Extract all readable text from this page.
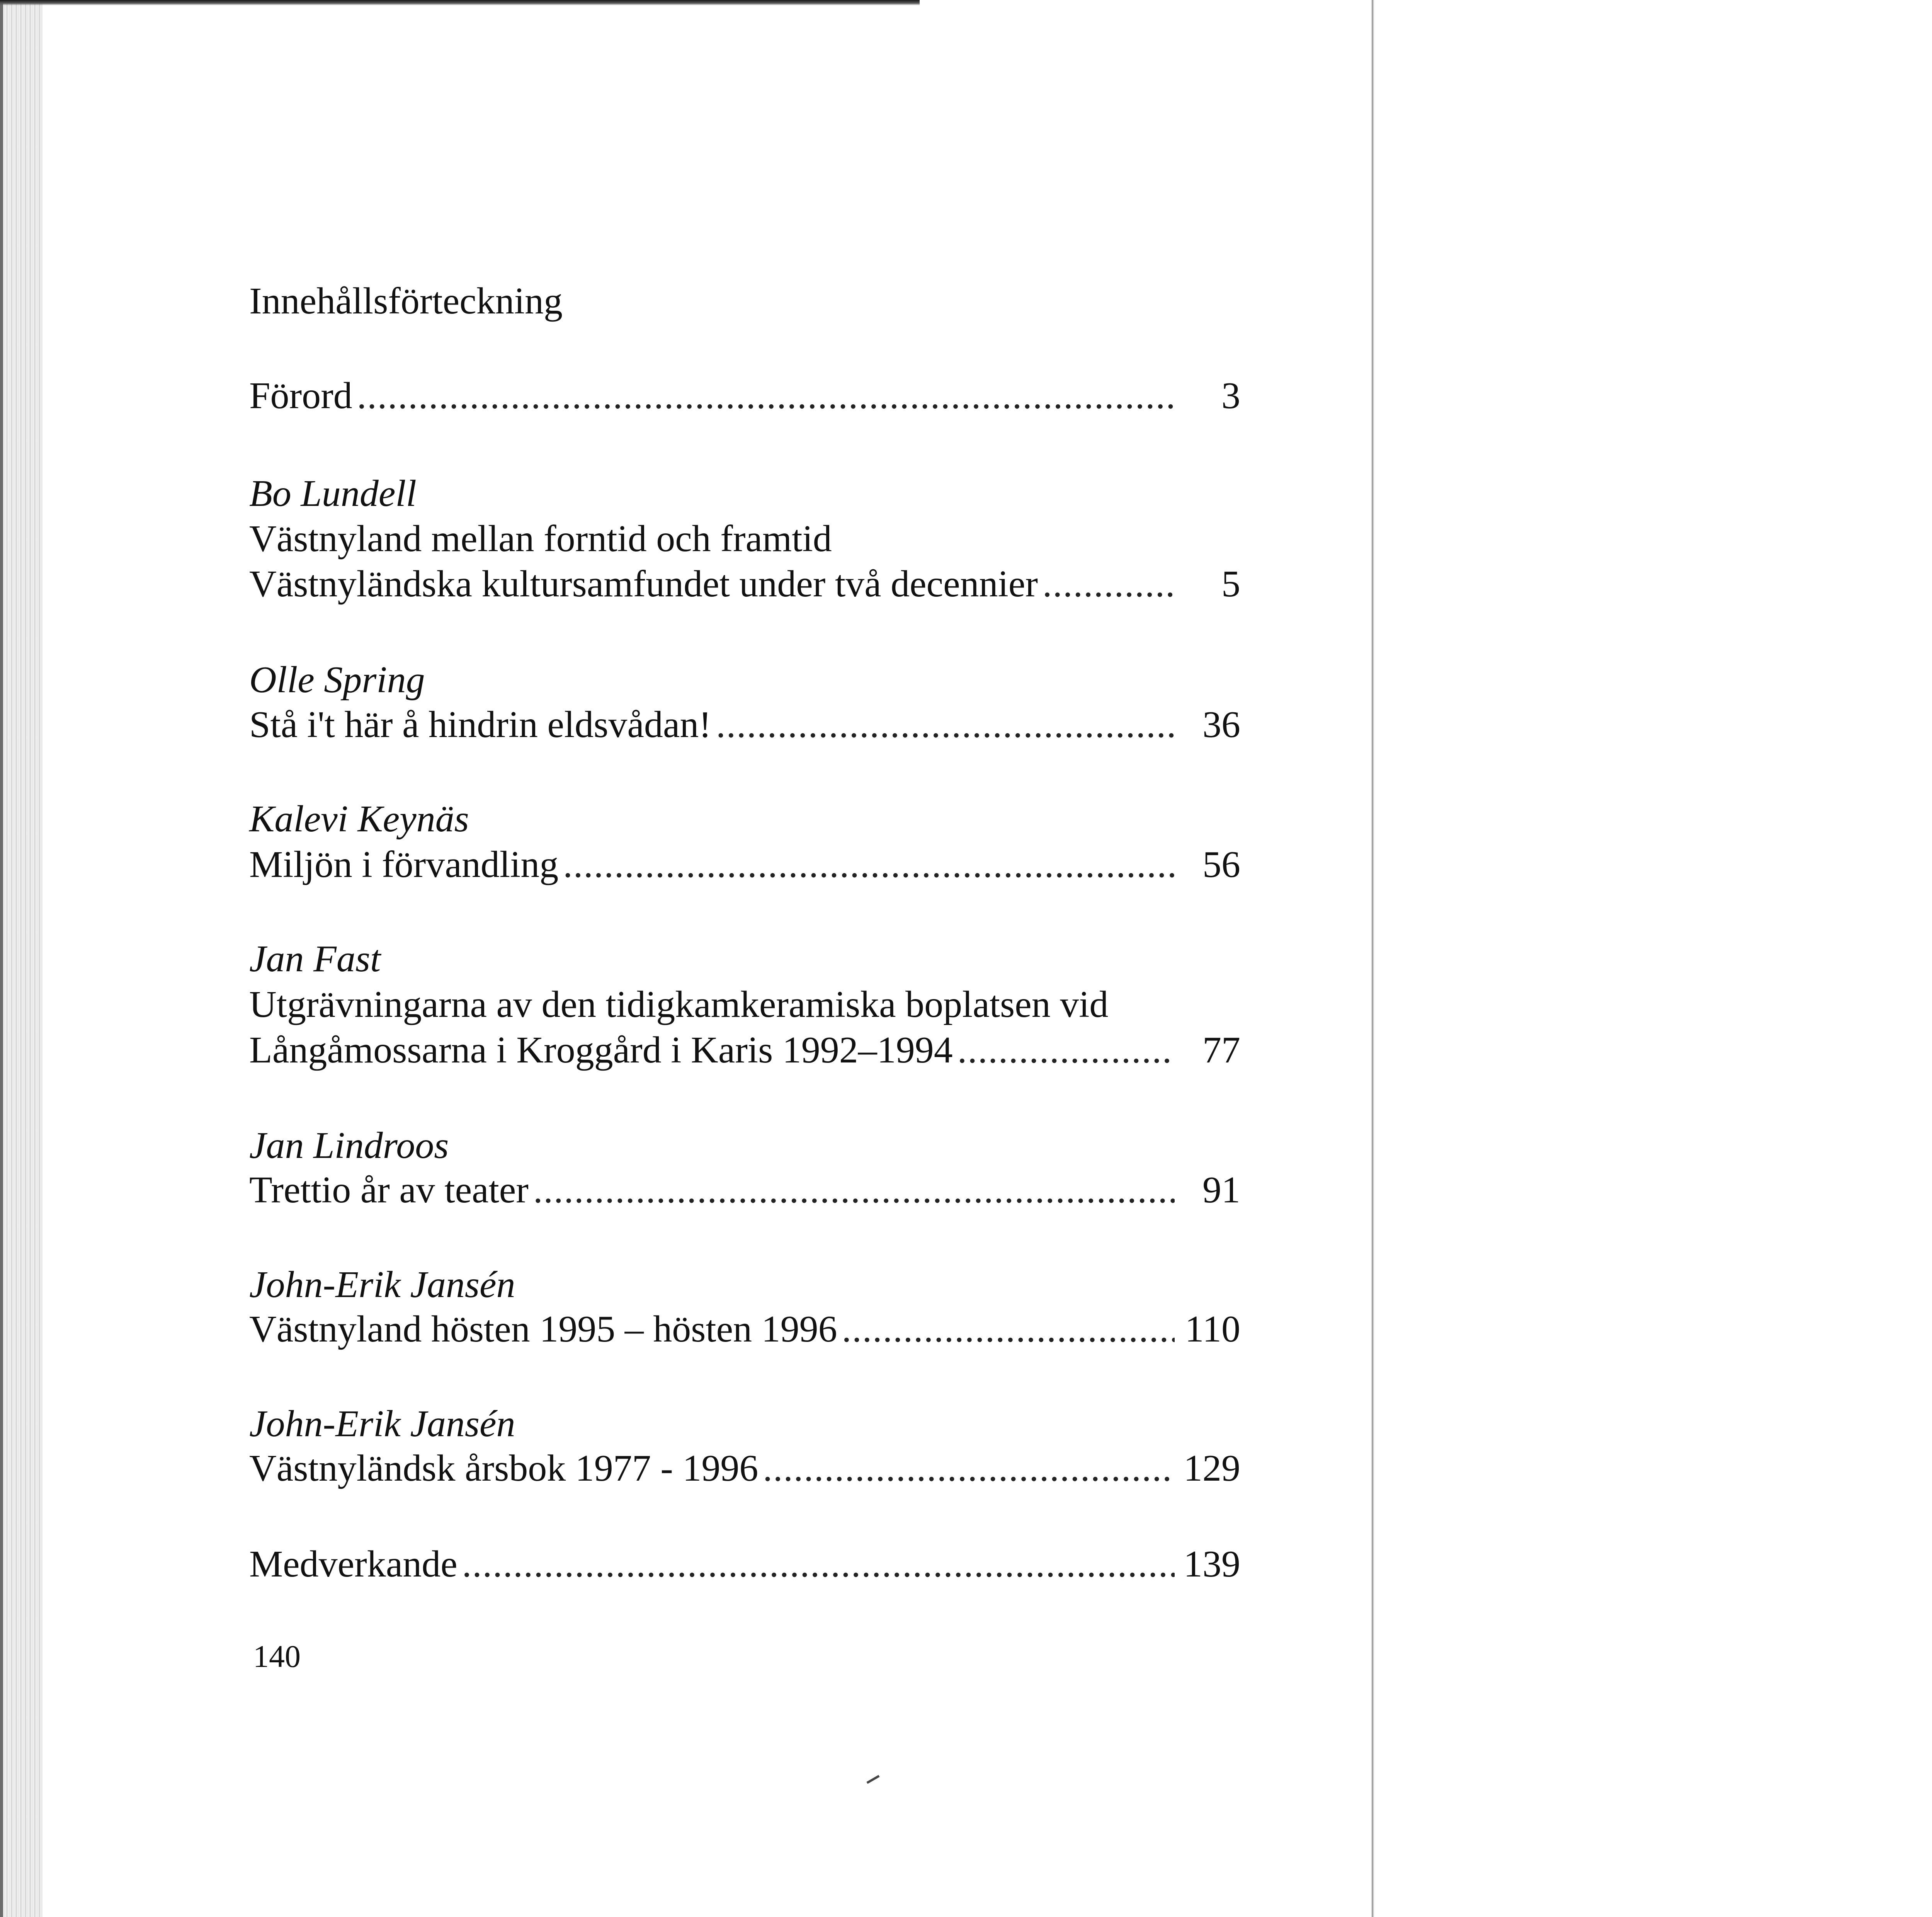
Innehållsförteckning
Förord .....	3
Bo Lundell
Västnyland mellan forntid och framtid
Västnyländska kultursamfundet under två decennier .....	5
Olle Spring
Stå i't här å hindrin eldsvådan! .....	36
Kalevi Keynäs
Miljön i förvandling .....	56
Jan Fast
Utgrävningarna av den tidigkamkeramiska boplatsen vid
Långåmossarna i Kroggård i Karis 1992–1994 .....	77
Jan Lindroos
Trettio år av teater .....	91
John-Erik Jansén
Västnyland hösten 1995 – hösten 1996 .....	110
John-Erik Jansén
Västnyländsk årsbok 1977 - 1996 .....	129
Medverkande .....	139
140
